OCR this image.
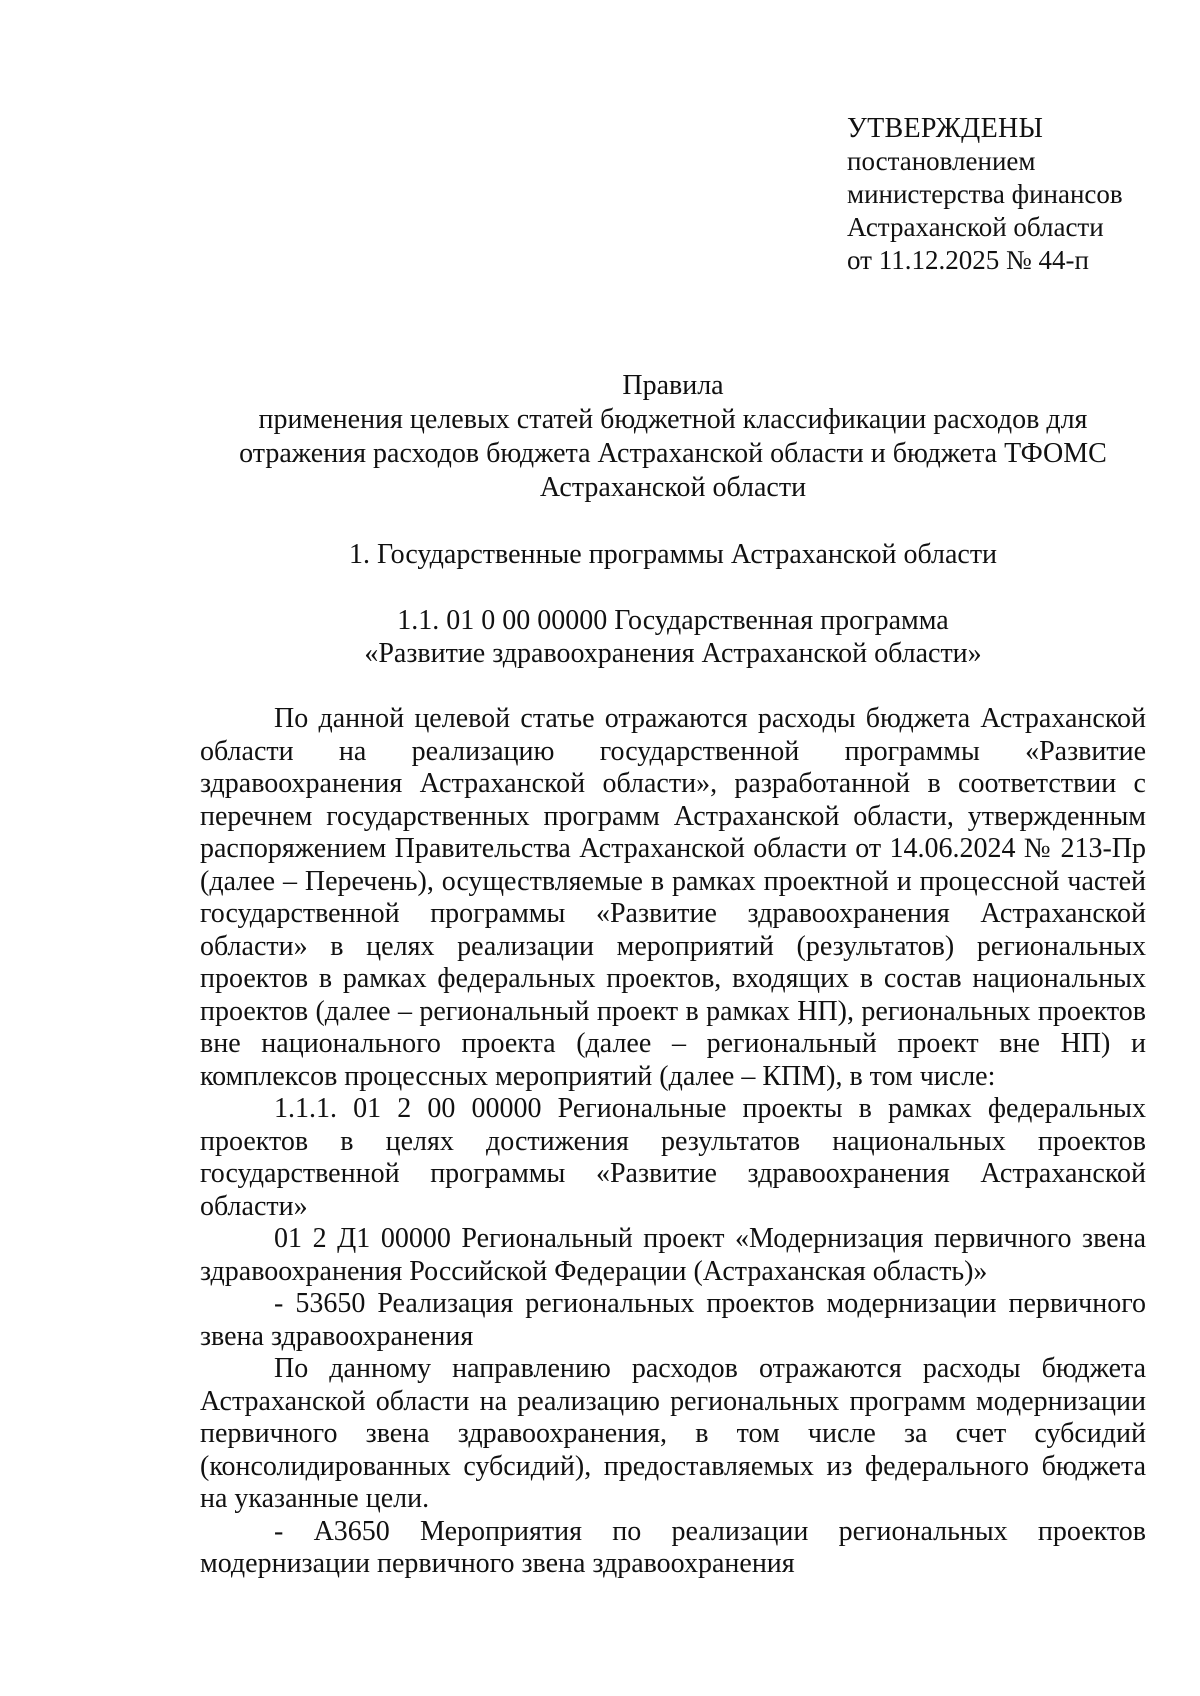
УТВЕРЖДЕНЫ
постановлением
министерства финансов
Астраханской области
от 11.12.2025 № 44-п
Правила
применения целевых статей бюджетной классификации расходов для
отражения расходов бюджета Астраханской области и бюджета ТФОМС
Астраханской области
1. Государственные программы Астраханской области
1.1. 01 0 00 00000 Государственная программа
«Развитие здравоохранения Астраханской области»

По данной целевой статье отражаются расходы бюджета Астраханской области на реализацию государственной программы «Развитие здравоохранения Астраханской области», разработанной в соответствии с перечнем государственных программ Астраханской области, утвержденным распоряжением Правительства Астраханской области от 14.06.2024 № 213-Пр (далее – Перечень), осуществляемые в рамках проектной и процессной частей государственной программы «Развитие здравоохранения Астраханской области» в целях реализации мероприятий (результатов) региональных проектов в рамках федеральных проектов, входящих в состав национальных проектов (далее – региональный проект в рамках НП), региональных проектов вне национального проекта (далее – региональный проект вне НП) и комплексов процессных мероприятий (далее – КПМ), в том числе:

1.1.1. 01 2 00 00000 Региональные проекты в рамках федеральных проектов в целях достижения результатов национальных проектов государственной программы «Развитие здравоохранения Астраханской области»

01 2 Д1 00000 Региональный проект «Модернизация первичного звена здравоохранения Российской Федерации (Астраханская область)»

- 53650 Реализация региональных проектов модернизации первичного звена здравоохранения

По данному направлению расходов отражаются расходы бюджета Астраханской области на реализацию региональных программ модернизации первичного звена здравоохранения, в том числе за счет субсидий (консолидированных субсидий), предоставляемых из федерального бюджета на указанные цели.

- А3650 Мероприятия по реализации региональных проектов модернизации первичного звена здравоохранения
